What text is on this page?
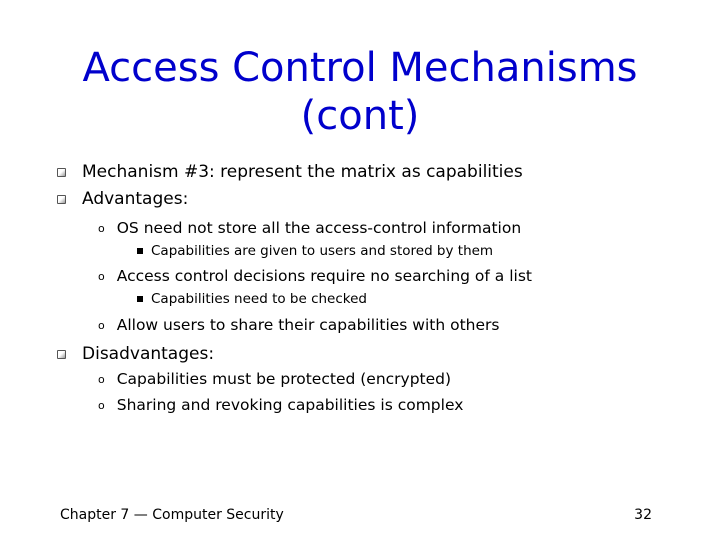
Access Control Mechanisms
(cont)
Mechanism #3: represent the matrix as capabilities
Advantages:
o OS need not store all the access-control information
Capabilities are given to users and stored by them
o Access control decisions require no searching of a list
Capabilities need to be checked
o Allow users to share their capabilities with others
Disadvantages:
o Capabilities must be protected (encrypted)
o Sharing and revoking capabilities is complex
Chapter 7 — Computer Security	32
